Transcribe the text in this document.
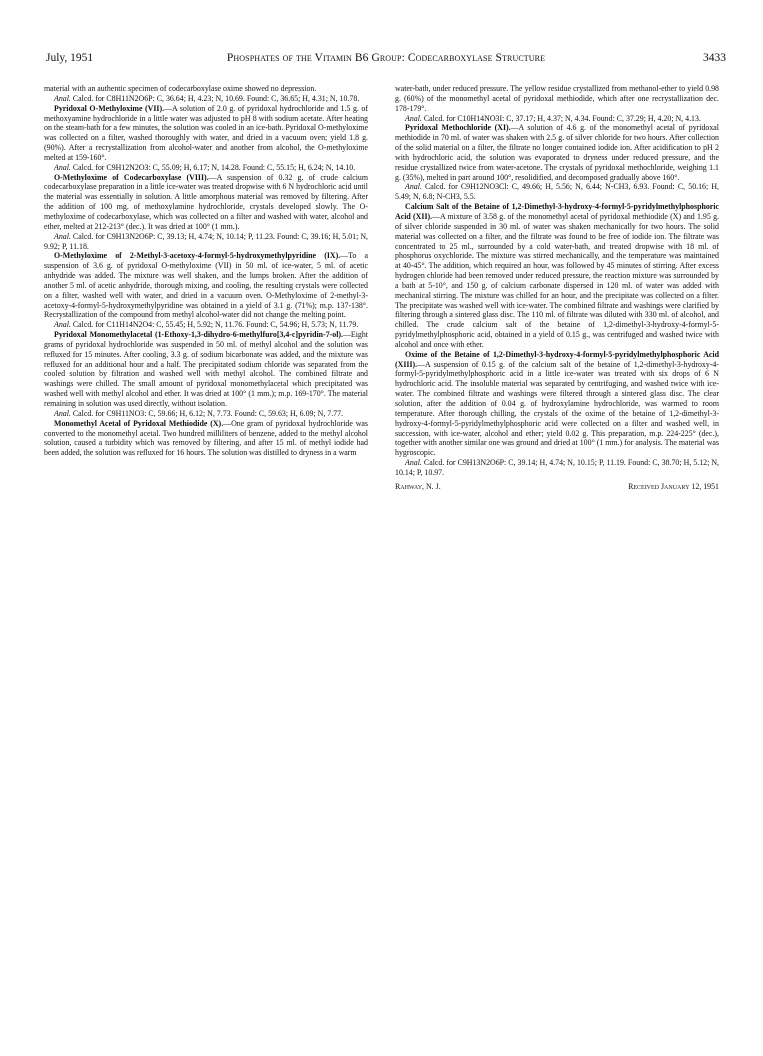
July, 1951	Phosphates of the Vitamin B6 Group: Codecarboxylase Structure	3433

material with an authentic specimen of codecarboxylase oxime showed no depression.

Anal. Calcd. for C8H11N2O6P: C, 36.64; H, 4.23; N, 10.69. Found: C, 36.65; H, 4.31; N, 10.78.

Pyridoxal O-Methyloxime (VII).—A solution of 2.0 g. of pyridoxal hydrochloride and 1.5 g. of methoxyamine hydrochloride in a little water was adjusted to pH 8 with sodium acetate. After heating on the steam-bath for a few minutes, the solution was cooled in an ice-bath. Pyridoxal O-methyloxime was collected on a filter, washed thoroughly with water, and dried in a vacuum oven; yield 1.8 g. (90%). After a recrystallization from alcohol-water and another from alcohol, the O-methyloxime melted at 159-160°.

Anal. Calcd. for C9H12N2O3: C, 55.09; H, 6.17; N, 14.28. Found: C, 55.15; H, 6.24; N, 14.10.

O-Methyloxime of Codecarboxylase (VIII).—A suspension of 0.32 g. of crude calcium codecarboxylase preparation in a little ice-water was treated dropwise with 6 N hydrochloric acid until the material was essentially in solution. A little amorphous material was removed by filtering. After the addition of 100 mg. of methoxylamine hydrochloride, crystals developed slowly. The O-methyloxime of codecarboxylase, which was collected on a filter and washed with water, alcohol and ether, melted at 212-213° (dec.). It was dried at 100° (1 mm.).

Anal. Calcd. for C9H13N2O6P: C, 39.13; H, 4.74; N, 10.14; P, 11.23. Found: C, 39.16; H, 5.01; N, 9.92; P, 11.18.

O-Methyloxime of 2-Methyl-3-acetoxy-4-formyl-5-hydroxymethylpyridine (IX).—To a suspension of 3.6 g. of pyridoxal O-methyloxime (VII) in 50 ml. of ice-water, 5 ml. of acetic anhydride was added. The mixture was well shaken, and the lumps broken. After the addition of another 5 ml. of acetic anhydride, thorough mixing, and cooling, the resulting crystals were collected on a filter, washed well with water, and dried in a vacuum oven. O-Methyloxime of 2-methyl-3-acetoxy-4-formyl-5-hydroxymethylpyridine was obtained in a yield of 3.1 g. (71%); m.p. 137-138°. Recrystallization of the compound from methyl alcohol-water did not change the melting point.

Anal. Calcd. for C11H14N2O4: C, 55.45; H, 5.92; N, 11.76. Found: C, 54.96; H, 5.73; N, 11.79.

Pyridoxal Monomethylacetal (1-Ethoxy-1,3-dihydro-6-methylfuro[3,4-c]pyridin-7-ol).—Eight grams of pyridoxal hydrochloride was suspended in 50 ml. of methyl alcohol and the solution was refluxed for 15 minutes. After cooling, 3.3 g. of sodium bicarbonate was added, and the mixture was refluxed for an additional hour and a half. The precipitated sodium chloride was separated from the cooled solution by filtration and washed well with methyl alcohol. The combined filtrate and washings were chilled. The small amount of pyridoxal monomethylacetal which precipitated was washed well with methyl alcohol and ether. It was dried at 100° (1 mm.); m.p. 169-170°. The material remaining in solution was used directly, without isolation.

Anal. Calcd. for C9H11NO3: C, 59.66; H, 6.12; N, 7.73. Found: C, 59.63; H, 6.09; N, 7.77.

Monomethyl Acetal of Pyridoxal Methiodide (X).—One gram of pyridoxal hydrochloride was converted to the monomethyl acetal. Two hundred milliliters of benzene, added to the methyl alcohol solution, caused a turbidity which was removed by filtering, and after 15 ml. of methyl iodide had been added, the solution was refluxed for 16 hours. The solution was distilled to dryness in a warm

water-bath, under reduced pressure. The yellow residue crystallized from methanol-ether to yield 0.98 g. (60%) of the monomethyl acetal of pyridoxal methiodide, which after one recrystallization dec. 178-179°.

Anal. Calcd. for C10H14NO3I: C, 37.17; H, 4.37; N, 4.34. Found: C, 37.29; H, 4.20; N, 4.13.

Pyridoxal Methochloride (XI).—A solution of 4.6 g. of the monomethyl acetal of pyridoxal methiodide in 70 ml. of water was shaken with 2.5 g. of silver chloride for two hours. After collection of the solid material on a filter, the filtrate no longer contained iodide ion. After acidification to pH 2 with hydrochloric acid, the solution was evaporated to dryness under reduced pressure, and the residue crystallized twice from water-acetone. The crystals of pyridoxal methochloride, weighing 1.1 g. (35%), melted in part around 100°, resolidified, and decomposed gradually above 160°.

Anal. Calcd. for C9H12NO3Cl: C, 49.66; H, 5.56; N, 6.44; N-CH3, 6.93. Found: C, 50.16; H, 5.49; N, 6.8; N-CH3, 5.5.

Calcium Salt of the Betaine of 1,2-Dimethyl-3-hydroxy-4-formyl-5-pyridylmethylphosphoric Acid (XII).—A mixture of 3.58 g. of the monomethyl acetal of pyridoxal methiodide (X) and 1.95 g. of silver chloride suspended in 30 ml. of water was shaken mechanically for two hours. The solid material was collected on a filter, and the filtrate was found to be free of iodide ion. The filtrate was concentrated to 25 ml., surrounded by a cold water-bath, and treated dropwise with 18 ml. of phosphorus oxychloride. The mixture was stirred mechanically, and the temperature was maintained at 40-45°. The addition, which required an hour, was followed by 45 minutes of stirring. After excess hydrogen chloride had been removed under reduced pressure, the reaction mixture was surrounded by a bath at 5-10°, and 150 g. of calcium carbonate dispersed in 120 ml. of water was added with mechanical stirring. The mixture was chilled for an hour, and the precipitate was collected on a filter. The precipitate was washed well with ice-water. The combined filtrate and washings were clarified by filtering through a sintered glass disc. The 110 ml. of filtrate was diluted with 330 ml. of alcohol, and chilled. The crude calcium salt of the betaine of 1,2-dimethyl-3-hydroxy-4-formyl-5-pyridylmethylphosphoric acid, obtained in a yield of 0.15 g., was centrifuged and washed twice with alcohol and once with ether.

Oxime of the Betaine of 1,2-Dimethyl-3-hydroxy-4-formyl-5-pyridylmethylphosphoric Acid (XIII).—A suspension of 0.15 g. of the calcium salt of the betaine of 1,2-dimethyl-3-hydroxy-4-formyl-5-pyridylmethylphosphoric acid in a little ice-water was treated with six drops of 6 N hydrochloric acid. The insoluble material was separated by centrifuging, and washed twice with ice-water. The combined filtrate and washings were filtered through a sintered glass disc. The clear solution, after the addition of 0.04 g. of hydroxylamine hydrochloride, was warmed to room temperature. After thorough chilling, the crystals of the oxime of the betaine of 1,2-dimethyl-3-hydroxy-4-formyl-5-pyridylmethylphosphoric acid were collected on a filter and washed well, in succession, with ice-water, alcohol and ether; yield 0.02 g. This preparation, m.p. 224-225° (dec.), together with another similar one was ground and dried at 100° (1 mm.) for analysis. The material was hygroscopic.

Anal. Calcd. for C9H13N2O6P: C, 39.14; H, 4.74; N, 10.15; P, 11.19. Found: C, 38.70; H, 5.12; N, 10.14; P, 10.97.

Rahway, N. J.	Received January 12, 1951
